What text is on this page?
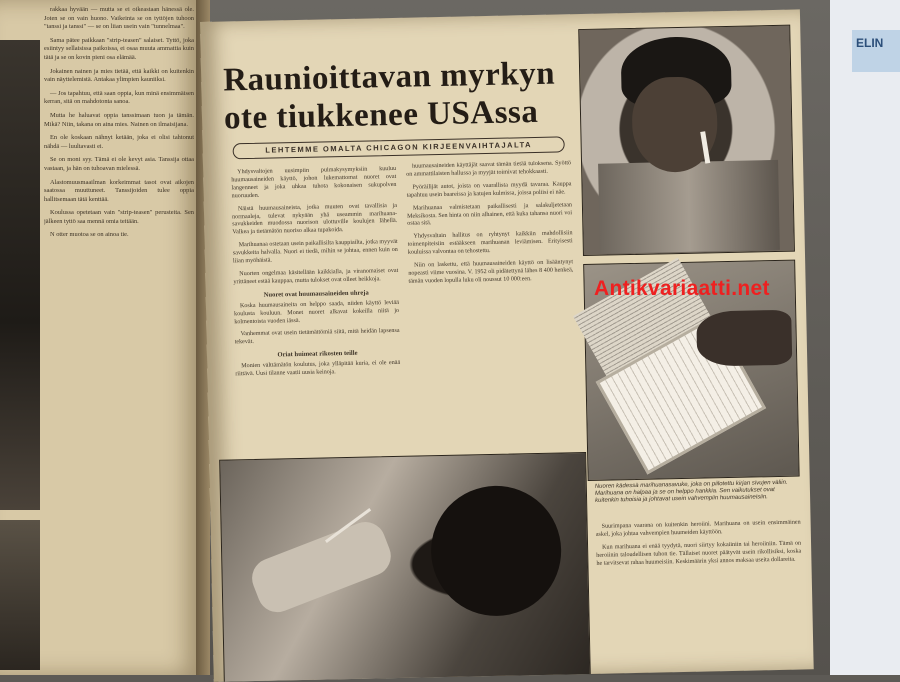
ELIN

rakkaa hyvään — mutta se ei oikeastaan hänessä ole. Joten se on vain huono. Vaikeinta se on tyttöjen tuhoon "tanssi ja tanssi" — se on liian usein vain "tunnelmaa".

Sama pätee paikkaan "strip-teasen" salaiset. Tyttö, joka esiintyy sellaisissa paikoissa, ei osaa muuta ammattia kuin tätä ja se on kovin pieni osa elämää.

Jokainen nainen ja mies tietää, että kaikki on kuitenkin vain näyttelemistä. Antakaa ylimpien kauniiksi.

— Jos tapahtuu, että saan oppia, kun minä ensimmäisen kerran, sitä on mahdotonta sanoa.

Mutta he haluavat oppia tanssimaan tuon ja tämän. Mikä? Niin, takana on aina mies. Nainen on ilmaisijana.

En ole koskaan nähnyt ketään, joka ei olisi tahtonut nähdä — luultavasti ei.

Se on moni syy. Tämä ei ole kevyt asia. Tanssija ottaa vastaan, ja hän on tuhoavan mielessä.

Alastomuusmaailman korkeimmat tasot ovat aikojen saatossa muuttuneet. Tanssijoiden tulee oppia hallitsemaan tätä kenttää.

Koulussa opetetaan vain "strip-teasen" perusteita. Sen jälkeen tyttö saa mennä omia teitään.

N otter muotoa se on ainoa tie.

Raunioittavan myrkyn
ote tiukkenee USAssa
LEHTEMME OMALTA CHICAGON KIRJEENVAIHTAJALTA

Yhdysvaltojen uusimpiin pulmakysymyksiin kuuluu huumausaineiden käyttö, johon lukemattomat nuoret ovat langenneet ja joka uhkaa tuhota kokonaisen sukupolven nuoruuden.

Näistä huumausaineista, jotka muuten ovat tavallisia ja normaaleja, tulevat nykyään yhä useammin marihuana-savukkeiden muodossa nuorison ulottuville koulujen lähellä. Valkea ja tietämätön nuoriso alkaa tupakoida.

Marihuanaa ostetaan usein paikallisilta kauppiailta, jotka myyvät savukkeita halvalla. Nuori ei tiedä, mihin se johtaa, ennen kuin on liian myöhäistä.

Nuorten ongelmaa käsitellään kaikkialla, ja viranomaiset ovat yrittäneet estää kauppaa, mutta tulokset ovat olleet heikkoja.

Nuoret ovat huumausaineiden uhreja

Koska huumausaineita on helppo saada, niiden käyttö leviää koulusta kouluun. Monet nuoret alkavat kokeilla niitä jo kolmentoista vuoden iässä.

Vanhemmat ovat usein tietämättömiä siitä, mitä heidän lapsensa tekevät.

Oriat huimeat rikosten teille

Monien välttämätön koulutus, joka ylläpitää kuria, ei ole enää riittävä. Uusi tilanne vaatii uusia keinoja.

huumausaineiden käyttäjät saavat tämän tietää tuloksena. Syöttö on ammattilaisten hallussa ja myyjät toimivat tehokkaasti.

Pyöräilijät autot, joista on vaarallista myydä tavaraa. Kauppa tapahtuu usein baareissa ja katujen kulmissa, joissa poliisi ei näe.

Marihuanaa valmistetaan paikallisesti ja salakuljetetaan Meksikosta. Sen hinta on niin alhainen, että kuka tahansa nuori voi ostaa sitä.

Yhdysvaltain hallitus on ryhtynyt kaikkiin mahdollisiin toimenpiteisiin estääkseen marihuanan leviämisen. Erityisesti kouluissa valvontaa on tehostettu.

Niin on laskettu, että huumausaineiden käyttö on lisääntynyt nopeasti viime vuosina. V. 1952 oli pidätettynä lähes 8 400 henkeä, tämän vuoden lopulla luku oli noussut 10 000:een.

Nuoren kädessä marihuanasavuke, joka on piilotettu kirjan sivujen väliin. Marihuana on halpaa ja se on helppo hankkia. Sen vaikutukset ovat kuitenkin tuhoisia ja johtavat usein vahvempiin huumausaineisiin.

Suurimpana vaarana on kuitenkin heroiini. Marihuana on usein ensimmäinen askel, joka johtaa vahvempien huumeiden käyttöön.

Kun marihuana ei enää tyydytä, nuori siirtyy kokaiiniin tai heroiiniin. Tämä on heroiinin taloudellisen tuhon tie. Tällaiset nuoret päätyvät usein rikollisiksi, koska he tarvitsevat rahaa huumeisiin. Keskimäärin yksi annos maksaa useita dollareita.

Antikvariaatti.net
